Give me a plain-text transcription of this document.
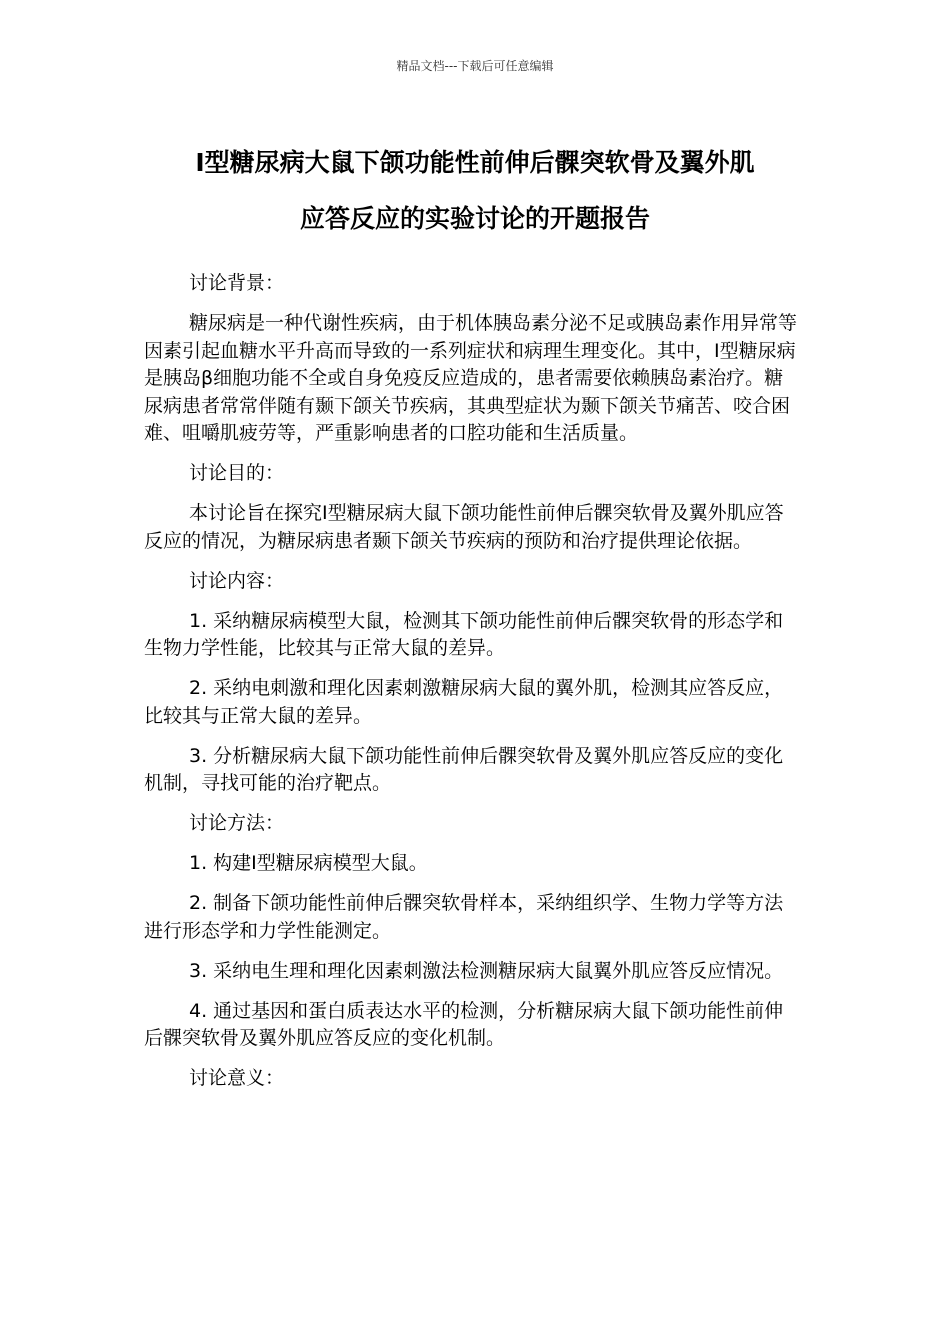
精品文档---下载后可任意编辑
Ⅰ型糖尿病大鼠下颌功能性前伸后髁突软骨及翼外肌
应答反应的实验讨论的开题报告

讨论背景：

糖尿病是一种代谢性疾病，由于机体胰岛素分泌不足或胰岛素作用异常等因素引起血糖水平升高而导致的一系列症状和病理生理变化。其中，Ⅰ型糖尿病是胰岛β细胞功能不全或自身免疫反应造成的，患者需要依赖胰岛素治疗。糖尿病患者常常伴随有颞下颌关节疾病，其典型症状为颞下颌关节痛苦、咬合困难、咀嚼肌疲劳等，严重影响患者的口腔功能和生活质量。

讨论目的：

本讨论旨在探究Ⅰ型糖尿病大鼠下颌功能性前伸后髁突软骨及翼外肌应答反应的情况，为糖尿病患者颞下颌关节疾病的预防和治疗提供理论依据。

讨论内容：

1. 采纳糖尿病模型大鼠，检测其下颌功能性前伸后髁突软骨的形态学和生物力学性能，比较其与正常大鼠的差异。

2. 采纳电刺激和理化因素刺激糖尿病大鼠的翼外肌，检测其应答反应，比较其与正常大鼠的差异。

3. 分析糖尿病大鼠下颌功能性前伸后髁突软骨及翼外肌应答反应的变化机制，寻找可能的治疗靶点。

讨论方法：

1. 构建Ⅰ型糖尿病模型大鼠。

2. 制备下颌功能性前伸后髁突软骨样本，采纳组织学、生物力学等方法进行形态学和力学性能测定。

3. 采纳电生理和理化因素刺激法检测糖尿病大鼠翼外肌应答反应情况。

4. 通过基因和蛋白质表达水平的检测，分析糖尿病大鼠下颌功能性前伸后髁突软骨及翼外肌应答反应的变化机制。

讨论意义：
